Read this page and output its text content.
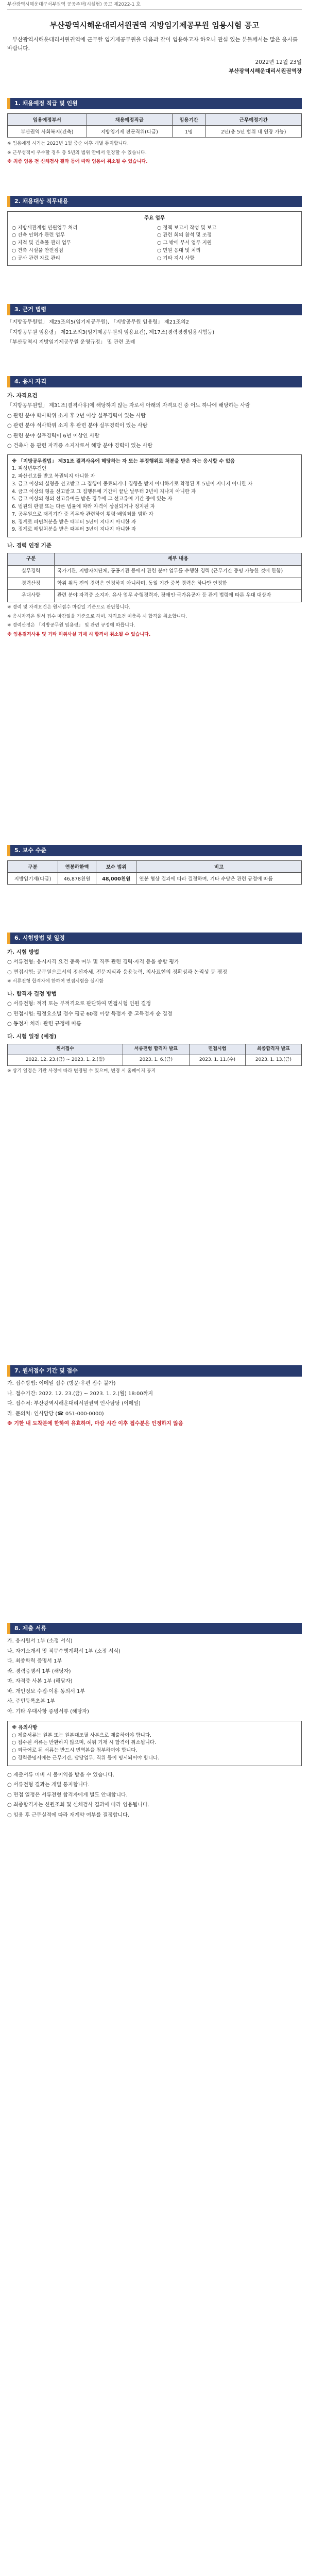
부산광역시해운대구서부권역 공공주택(시설형) 공고 제2022-1 호
부산광역시해운대리서원권역 지방임기제공무원 임용시험 공고
부산광역시해운대리서원권역에 근무할 임기제공무원을 다음과 같이 임용하고자 하오니 관심 있는 분들께서는 많은 응시를 바랍니다.
2022년 12월 23일
부산광역시해운대리서원권역장
1. 채용예정 직급 및 인원
임용예정부서	채용예정직급	임용기간	근무예정기간
부산권역 사회복지(건축)	지방임기제 전문직위(다급)	1명	2년(총 5년 범위 내 연장 가능)

※ 임용예정 시기는 2023년 1월 중순 이후 개별 통지합니다.

※ 근무성적이 우수할 경우 총 5년의 범위 안에서 연장할 수 있습니다.

※ 최종 임용 전 신체검사 결과 등에 따라 임용이 취소될 수 있습니다.

2. 채용대상 직무내용
주요 업무
○ 지방세관계법 민원업무 처리
○ 건축 인허가 관련 업무
○ 지적 및 건축물 관리 업무
○ 건축 시설물 안전점검
○ 공사 관련 자료 관리
○ 정책 보고서 작성 및 보고
○ 관련 회의 참석 및 조정
○ 그 밖에 부서 업무 지원
○ 민원 응대 및 처리
○ 기타 지시 사항
3. 근거 법령

「지방공무원법」 제25조의5(임기제공무원), 「지방공무원 임용령」 제21조의2

「지방공무원 임용령」 제21조의3(임기제공무원의 임용요건), 제17조(경력경쟁임용시험등)

「부산광역시 지방임기제공무원 운영규정」 및 관련 조례

4. 응시 자격
가. 자격요건

「지방공무원법」 제31조(결격사유)에 해당하지 않는 자로서 아래의 자격요건 중 어느 하나에 해당하는 사람

○ 관련 분야 학사학위 소지 후 2년 이상 실무경력이 있는 사람

○ 관련 분야 석사학위 소지 후 관련 분야 실무경력이 있는 사람

○ 관련 분야 실무경력이 6년 이상인 사람

○ 건축사 등 관련 자격증 소지자로서 해당 분야 경력이 있는 사람

※ 「지방공무원법」 제31조 결격사유에 해당하는 자 또는 부정행위로 처분을 받은 자는 응시할 수 없음
1. 피성년후견인
2. 파산선고를 받고 복권되지 아니한 자
3. 금고 이상의 실형을 선고받고 그 집행이 종료되거나 집행을 받지 아니하기로 확정된 후 5년이 지나지 아니한 자
4. 금고 이상의 형을 선고받고 그 집행유예 기간이 끝난 날부터 2년이 지나지 아니한 자
5. 금고 이상의 형의 선고유예를 받은 경우에 그 선고유예 기간 중에 있는 자
6. 법원의 판결 또는 다른 법률에 따라 자격이 상실되거나 정지된 자
7. 공무원으로 재직기간 중 직무와 관련하여 횡령·배임죄를 범한 자
8. 징계로 파면처분을 받은 때부터 5년이 지나지 아니한 자
9. 징계로 해임처분을 받은 때부터 3년이 지나지 아니한 자
나. 경력 인정 기준
구분	세부 내용
실무경력	국가기관, 지방자치단체, 공공기관 등에서 관련 분야 업무를 수행한 경력 (근무기간 증명 가능한 것에 한함)
경력산정	학위 취득 전의 경력은 인정하지 아니하며, 동일 기간 중복 경력은 하나만 인정함
우대사항	관련 분야 자격증 소지자, 유사 업무 수행경력자, 장애인·국가유공자 등 관계 법령에 따른 우대 대상자

※ 경력 및 자격요건은 원서접수 마감일 기준으로 판단합니다.

※ 응시자격은 원서 접수 마감일을 기준으로 하며, 자격요건 미충족 시 합격을 취소합니다.

※ 경력산정은 「지방공무원 임용령」 및 관련 규정에 따릅니다.

※ 임용결격사유 및 기타 허위사실 기재 시 합격이 취소될 수 있습니다.

5. 보수 수준
구분	연봉하한액	보수 범위	비고
지방임기제(다급)	46,878천원	48,000천원	연봉 협상 결과에 따라 결정하며, 기타 수당은 관련 규정에 따름
6. 시험방법 및 일정
가. 시험 방법

○ 서류전형: 응시자격 요건 충족 여부 및 직무 관련 경력·자격 등을 종합 평가

○ 면접시험: 공무원으로서의 정신자세, 전문지식과 응용능력, 의사표현의 정확성과 논리성 등 평정

※ 서류전형 합격자에 한하여 면접시험을 실시함

나. 합격자 결정 방법

○ 서류전형: 적격 또는 부적격으로 판단하여 면접시험 인원 결정

○ 면접시험: 평정요소별 점수 평균 60점 이상 득점자 중 고득점자 순 결정

○ 동점자 처리: 관련 규정에 따름

다. 시험 일정 (예정)
원서접수	서류전형 합격자 발표	면접시험	최종합격자 발표
2022. 12. 23.(금) ~ 2023. 1. 2.(월)	2023. 1. 6.(금)	2023. 1. 11.(수)	2023. 1. 13.(금)

※ 상기 일정은 기관 사정에 따라 변경될 수 있으며, 변경 시 홈페이지 공지

7. 원서접수 기간 및 접수

가. 접수방법: 이메일 접수 (방문·우편 접수 불가)

나. 접수기간: 2022. 12. 23.(금) ~ 2023. 1. 2.(월) 18:00까지

다. 접수처: 부산광역시해운대리서원권역 인사담당 (이메일)

라. 문의처: 인사담당 (☎ 051-000-0000)

※ 기한 내 도착분에 한하여 유효하며, 마감 시간 이후 접수분은 인정하지 않음

8. 제출 서류

가. 응시원서 1부 (소정 서식)

나. 자기소개서 및 직무수행계획서 1부 (소정 서식)

다. 최종학력 증명서 1부

라. 경력증명서 1부 (해당자)

마. 자격증 사본 1부 (해당자)

바. 개인정보 수집·이용 동의서 1부

사. 주민등록초본 1부

아. 기타 우대사항 증빙서류 (해당자)

※ 유의사항
○ 제출서류는 원본 또는 원본대조필 사본으로 제출하여야 합니다.
○ 접수된 서류는 반환하지 않으며, 허위 기재 시 합격이 취소됩니다.
○ 외국어로 된 서류는 반드시 번역본을 첨부하여야 합니다.
○ 경력증명서에는 근무기간, 담당업무, 직위 등이 명시되어야 합니다.

○ 제출서류 미비 시 불이익을 받을 수 있습니다.

○ 서류전형 결과는 개별 통지합니다.

○ 면접 일정은 서류전형 합격자에게 별도 안내합니다.

○ 최종합격자는 신원조회 및 신체검사 결과에 따라 임용됩니다.

○ 임용 후 근무실적에 따라 재계약 여부를 결정합니다.
